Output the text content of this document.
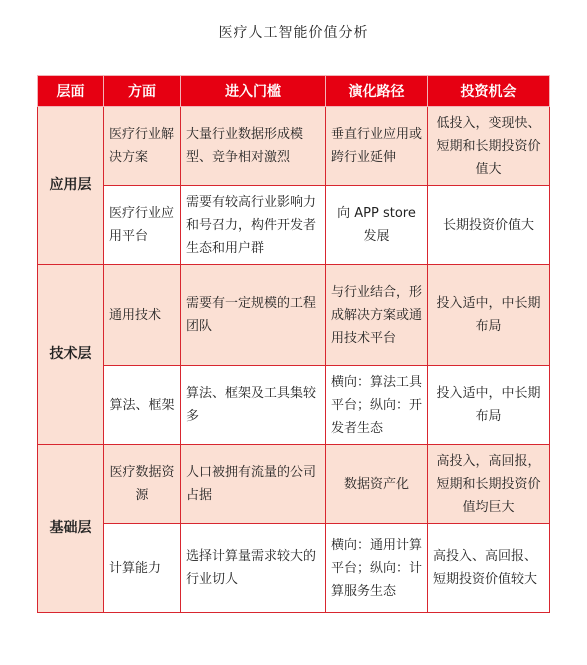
医疗人工智能价值分析
层面	方面	进入门槛	演化路径	投资机会
应用层	医疗行业解决方案	大量行业数据形成模型、竞争相对激烈	垂直行业应用或跨行业延伸	低投入，变现快、短期和长期投资价值大
	医疗行业应用平台	需要有较高行业影响力和号召力，构件开发者生态和用户群	向 APP store 发展	长期投资价值大
技术层	通用技术	需要有一定规模的工程团队	与行业结合，形成解决方案或通用技术平台	投入适中，中长期布局
	算法、框架	算法、框架及工具集较多	横向：算法工具平台；纵向：开发者生态	投入适中，中长期布局
基础层	医疗数据资源	人口被拥有流量的公司占据	数据资产化	高投入，高回报，短期和长期投资价值均巨大
	计算能力	选择计算量需求较大的行业切人	横向：通用计算平台；纵向：计算服务生态	高投入、高回报、短期投资价值较大
